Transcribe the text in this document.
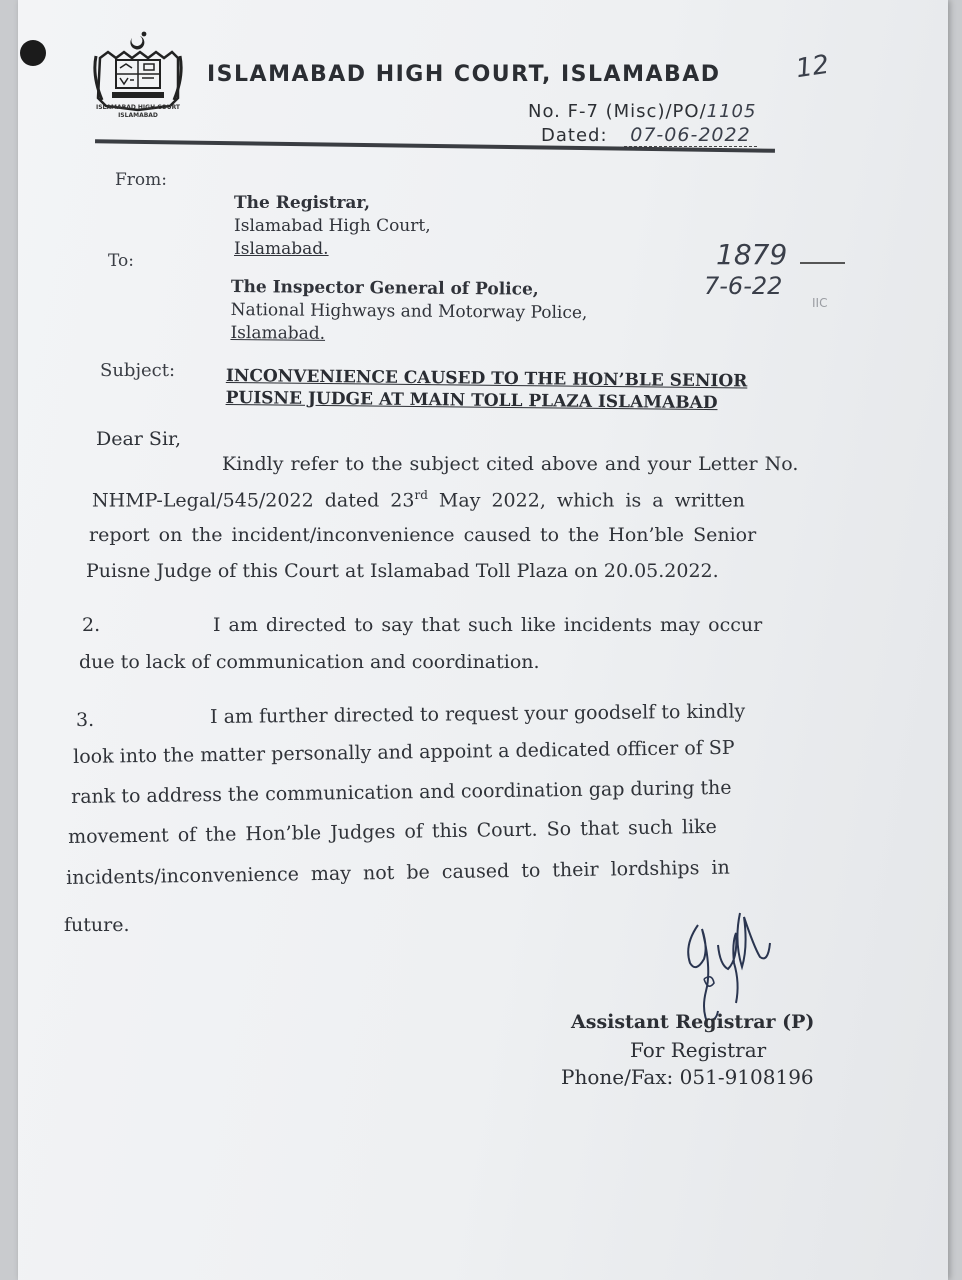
ISLAMABAD HIGH COURT
ISLAMABAD
ISLAMABAD HIGH COURT, ISLAMABAD	12
No. F-7 (Misc)/PO/1105
Dated: 07-06-2022
From:
The Registrar,
Islamabad High Court,
Islamabad.
To:
The Inspector General of Police,
National Highways and Motorway Police,
Islamabad.
1879
7-6-22
IIC
Subject:	INCONVENIENCE CAUSED TO THE HON’BLE SENIOR
PUISNE JUDGE AT MAIN TOLL PLAZA ISLAMABAD
Dear Sir,
Kindly refer to the subject cited above and your Letter No.
NHMP-Legal/545/2022 dated 23rd May 2022, which is a written
report on the incident/inconvenience caused to the Hon’ble Senior
Puisne Judge of this Court at Islamabad Toll Plaza on 20.05.2022.
2.	I am directed to say that such like incidents may occur
due to lack of communication and coordination.
3.	I am further directed to request your goodself to kindly
look into the matter personally and appoint a dedicated officer of SP
rank to address the communication and coordination gap during the
movement of the Hon’ble Judges of this Court. So that such like
incidents/inconvenience may not be caused to their lordships in
future.
Assistant Registrar (P)
For Registrar
Phone/Fax: 051-9108196
